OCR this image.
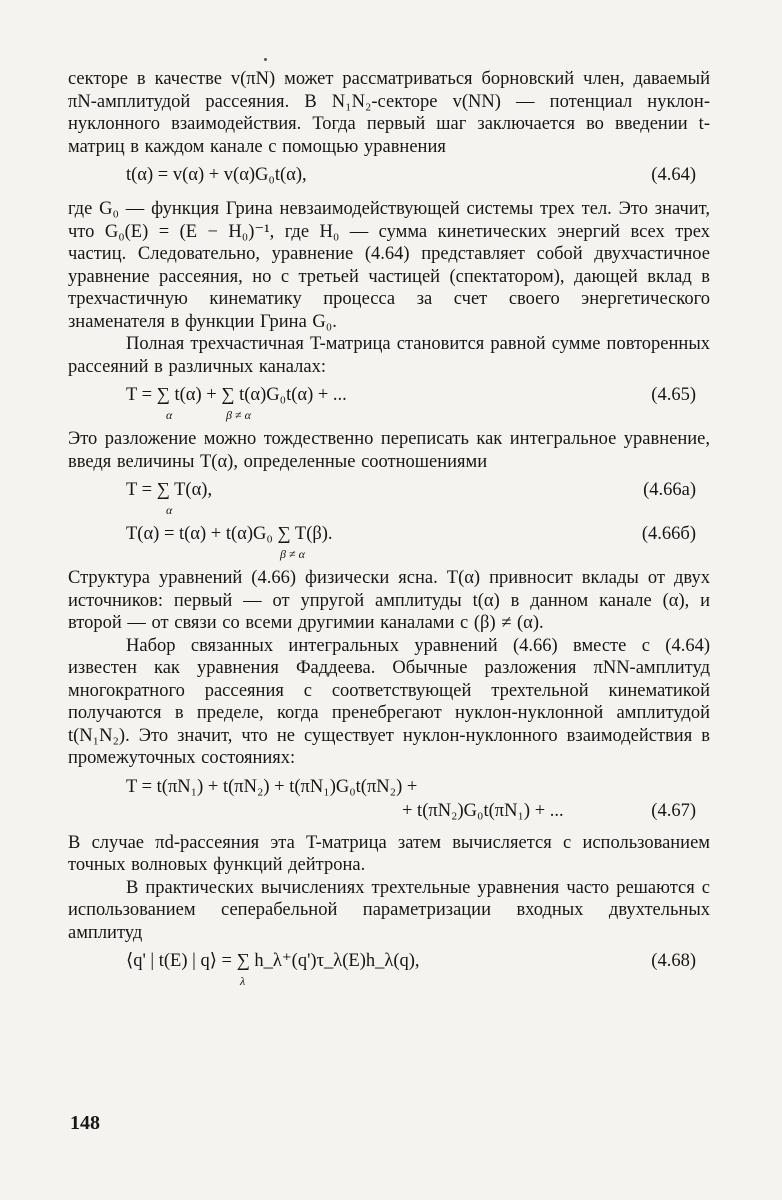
секторе в качестве v(πN) может рассматриваться борновский член, даваемый πN-амплитудой рассеяния. В N₁N₂-секторе v(NN) — потенциал нуклон-нуклонного взаимодействия. Тогда первый шаг заключается во введении t-матриц в каждом канале с помощью уравнения

t(α) = v(α) + v(α)G₀t(α),	(4.64)

где G₀ — функция Грина невзаимодействующей системы трех тел. Это значит, что G₀(E) = (E − H₀)⁻¹, где H₀ — сумма кинетических энергий всех трех частиц. Следовательно, уравнение (4.64) представляет собой двухчастичное уравнение рассеяния, но с третьей частицей (спектатором), дающей вклад в трехчастичную кинематику процесса за счет своего энергетического знаменателя в функции Грина G₀.

Полная трехчастичная T-матрица становится равной сумме повторенных рассеяний в различных каналах:

T = ∑ t(α) + ∑ t(α)G₀t(α) + ...
α	β ≠ α
(4.65)

Это разложение можно тождественно переписать как интегральное уравнение, введя величины T(α), определенные соотношениями

T = ∑ T(α),
α
(4.66а)
T(α) = t(α) + t(α)G₀ ∑ T(β).
β ≠ α
(4.66б)

Структура уравнений (4.66) физически ясна. T(α) привносит вклады от двух источников: первый — от упругой амплитуды t(α) в данном канале (α), и второй — от связи со всеми другимии каналами с (β) ≠ (α).

Набор связанных интегральных уравнений (4.66) вместе с (4.64) известен как уравнения Фаддеева. Обычные разложения πNN-амплитуд многократного рассеяния с соответствующей трехтельной кинематикой получаются в пределе, когда пренебрегают нуклон-нуклонной амплитудой t(N₁N₂). Это значит, что не существует нуклон-нуклонного взаимодействия в промежуточных состояниях:

T = t(πN₁) + t(πN₂) + t(πN₁)G₀t(πN₂) +
+ t(πN₂)G₀t(πN₁) + ...	(4.67)

В случае πd-рассеяния эта T-матрица затем вычисляется с использованием точных волновых функций дейтрона.

В практических вычислениях трехтельные уравнения часто решаются с использованием сеперабельной параметризации входных двухтельных амплитуд

⟨q' | t(E) | q⟩ = ∑ h_λ⁺(q')τ_λ(E)h_λ(q),
λ
(4.68)
148
